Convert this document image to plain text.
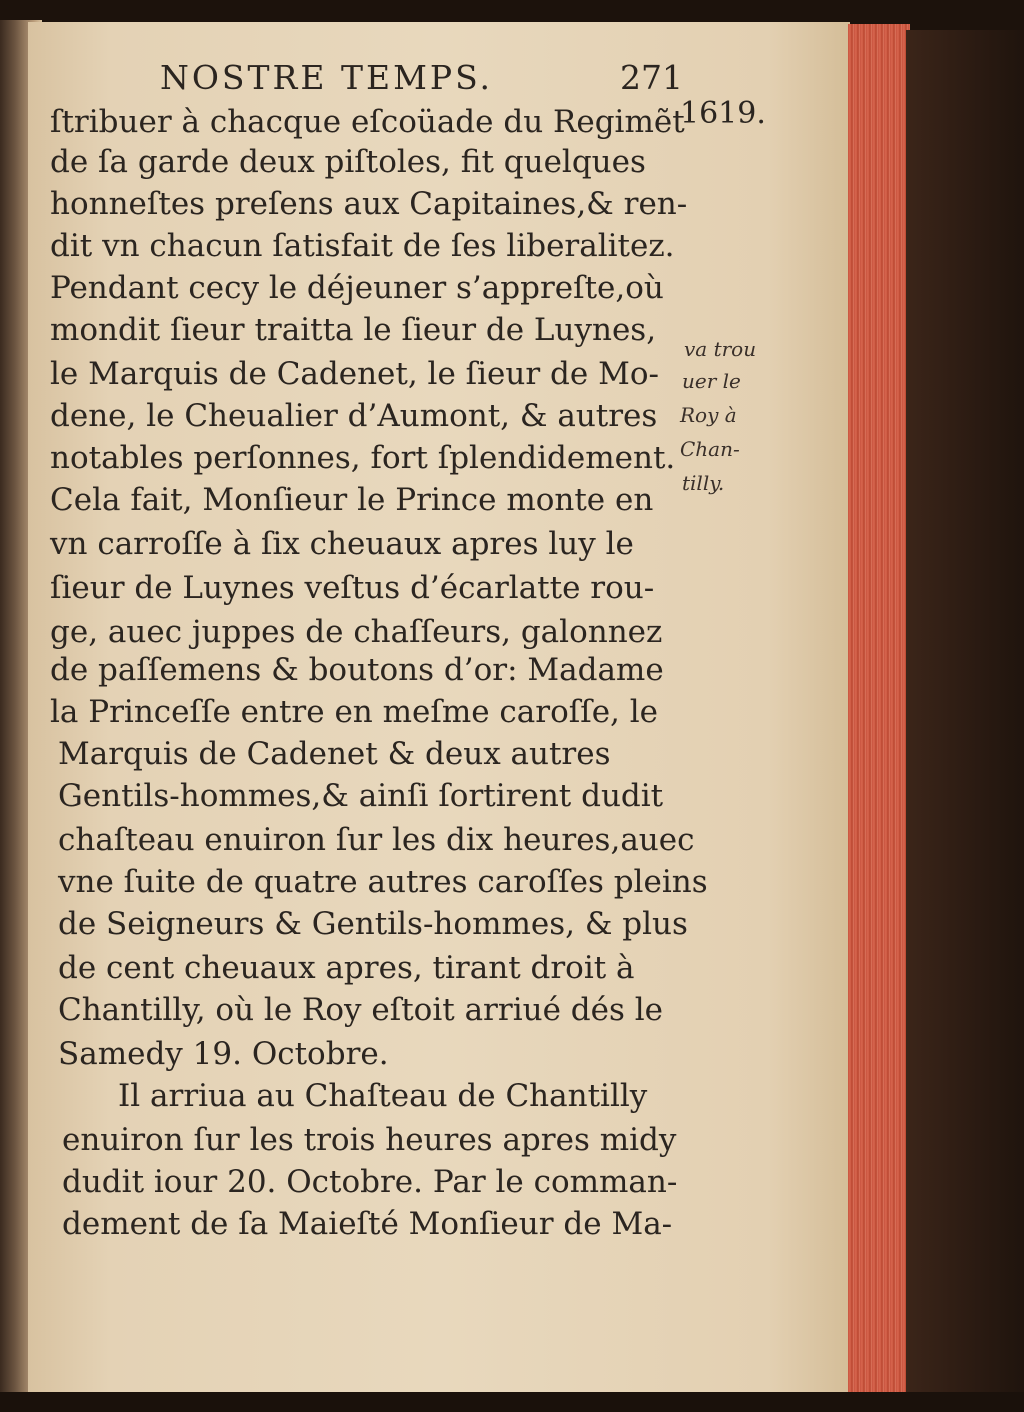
NOSTRE TEMPS.	271
ſtribuer à chacque eſcoüade du Regimẽt
de ſa garde deux piſtoles, fit quelques
honneſtes preſens aux Capitaines,& ren-
dit vn chacun ſatisfait de ſes liberalitez.
Pendant cecy le déjeuner s’appreſte,où
mondit ſieur traitta le ſieur de Luynes,
le Marquis de Cadenet, le ſieur de Mo-
dene, le Cheualier d’Aumont, & autres
notables perſonnes, fort ſplendidement.
Cela fait, Monſieur le Prince monte en
vn carroſſe à ſix cheuaux apres luy le
ſieur de Luynes veſtus d’écarlatte rou-
ge, auec juppes de chaſſeurs, galonnez
de paſſemens & boutons d’or: Madame
la Princeſſe entre en meſme caroſſe, le
Marquis de Cadenet & deux autres
Gentils-hommes,& ainſi ſortirent dudit
chaſteau enuiron ſur les dix heures,auec
vne ſuite de quatre autres caroſſes pleins
de Seigneurs & Gentils-hommes, & plus
de cent cheuaux apres, tirant droit à
Chantilly, où le Roy eſtoit arriué dés le
Samedy 19. Octobre.
Il arriua au Chaſteau de Chantilly
enuiron ſur les trois heures apres midy
dudit iour 20. Octobre. Par le comman-
dement de ſa Maieſté Monſieur de Ma-
1619.
va trou
uer le
Roy à
Chan-
tilly.
